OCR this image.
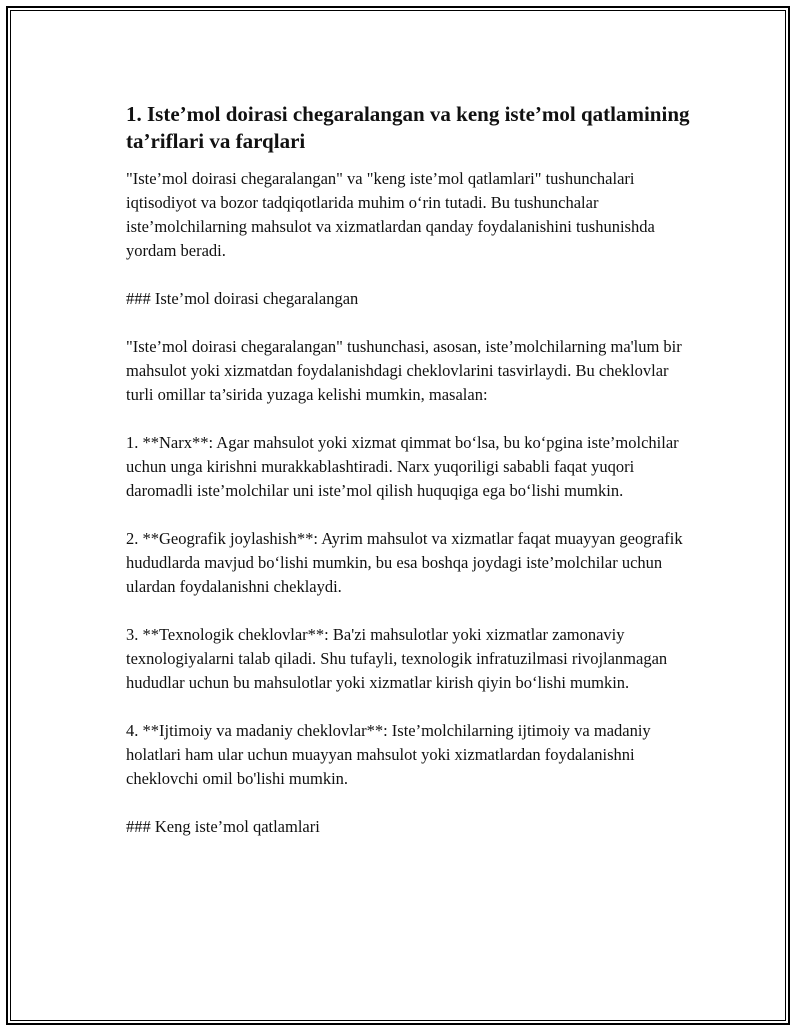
1. Iste’mol doirasi chegaralangan va keng iste’mol qatlamining ta’riflari va farqlari

"Iste’mol doirasi chegaralangan" va "keng iste’mol qatlamlari" tushunchalari iqtisodiyot va bozor tadqiqotlarida muhim o‘rin tutadi. Bu tushunchalar iste’molchilarning mahsulot va xizmatlardan qanday foydalanishini tushunishda yordam beradi.

### Iste’mol doirasi chegaralangan

"Iste’mol doirasi chegaralangan" tushunchasi, asosan, iste’molchilarning ma'lum bir mahsulot yoki xizmatdan foydalanishdagi cheklovlarini tasvirlaydi. Bu cheklovlar turli omillar ta’sirida yuzaga kelishi mumkin, masalan:

1. **Narx**: Agar mahsulot yoki xizmat qimmat bo‘lsa, bu ko‘pgina iste’molchilar uchun unga kirishni murakkablashtiradi. Narx yuqoriligi sababli faqat yuqori daromadli iste’molchilar uni iste’mol qilish huquqiga ega bo‘lishi mumkin.

2. **Geografik joylashish**: Ayrim mahsulot va xizmatlar faqat muayyan geografik hududlarda mavjud bo‘lishi mumkin, bu esa boshqa joydagi iste’molchilar uchun ulardan foydalanishni cheklaydi.

3. **Texnologik cheklovlar**: Ba'zi mahsulotlar yoki xizmatlar zamonaviy texnologiyalarni talab qiladi. Shu tufayli, texnologik infratuzilmasi rivojlanmagan hududlar uchun bu mahsulotlar yoki xizmatlar kirish qiyin bo‘lishi mumkin.

4. **Ijtimoiy va madaniy cheklovlar**: Iste’molchilarning ijtimoiy va madaniy holatlari ham ular uchun muayyan mahsulot yoki xizmatlardan foydalanishni cheklovchi omil bo'lishi mumkin.

### Keng iste’mol qatlamlari
